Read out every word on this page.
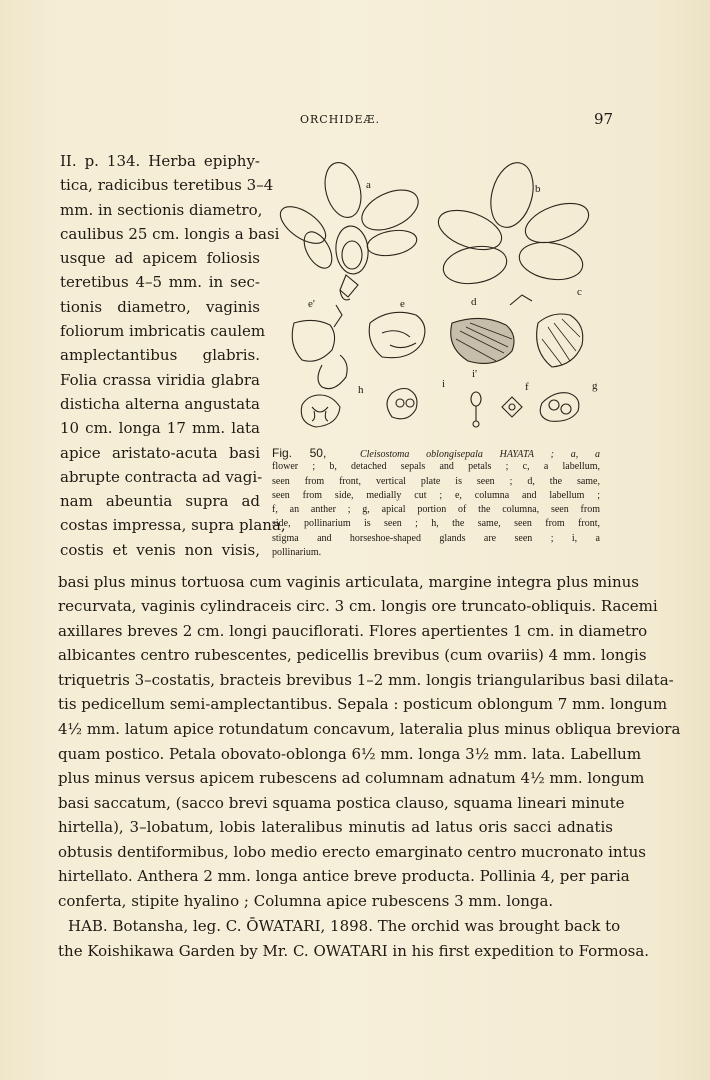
ORCHIDEÆ.	97
II. p. 134. Herba epiphy-
tica, radicibus teretibus 3–4
mm. in sectionis diametro,
caulibus 25 cm. longis a basi
usque ad apicem foliosis
teretibus 4–5 mm. in sec-
tionis diametro, vaginis
foliorum imbricatis caulem
amplectantibus glabris.
Folia crassa viridia glabra
disticha alterna angustata
10 cm. longa 17 mm. lata
apice aristato-acuta basi
abrupte contracta ad vagi-
nam abeuntia supra ad
costas impressa, supra plana,
costis et venis non visis,
a	b
c
d
e
e'
f	g
h	i
i'
Fig. 50,	Cleisostoma oblongisepala HAYATA ; a, a
flower ; b, detached sepals and petals ; c, a labellum,
seen from front, vertical plate is seen ; d, the same,
seen from side, medially cut ; e, columna and labellum ;
f, an anther ; g, apical portion of the columna, seen from
side, pollinarium is seen ; h, the same, seen from front,
stigma and horseshoe-shaped glands are seen ; i, a
pollinarium.
basi plus minus tortuosa cum vaginis articulata, margine integra plus minus
recurvata, vaginis cylindraceis circ. 3 cm. longis ore truncato-obliquis. Racemi
axillares breves 2 cm. longi pauciflorati. Flores apertientes 1 cm. in diametro
albicantes centro rubescentes, pedicellis brevibus (cum ovariis) 4 mm. longis
triquetris 3–costatis, bracteis brevibus 1–2 mm. longis triangularibus basi dilata-
tis pedicellum semi-amplectantibus. Sepala : posticum oblongum 7 mm. longum
4½ mm. latum apice rotundatum concavum, lateralia plus minus obliqua breviora
quam postico. Petala obovato-oblonga 6½ mm. longa 3½ mm. lata. Labellum
plus minus versus apicem rubescens ad columnam adnatum 4½ mm. longum
basi saccatum, (sacco brevi squama postica clauso, squama lineari minute
hirtella), 3–lobatum, lobis lateralibus minutis ad latus oris sacci adnatis
obtusis dentiformibus, lobo medio erecto emarginato centro mucronato intus
hirtellato. Anthera 2 mm. longa antice breve producta. Pollinia 4, per paria
conferta, stipite hyalino ; Columna apice rubescens 3 mm. longa.
HAB. Botansha, leg. C. ŌWATARI, 1898. The orchid was brought back to
the Koishikawa Garden by Mr. C. OWATARI in his first expedition to Formosa.
